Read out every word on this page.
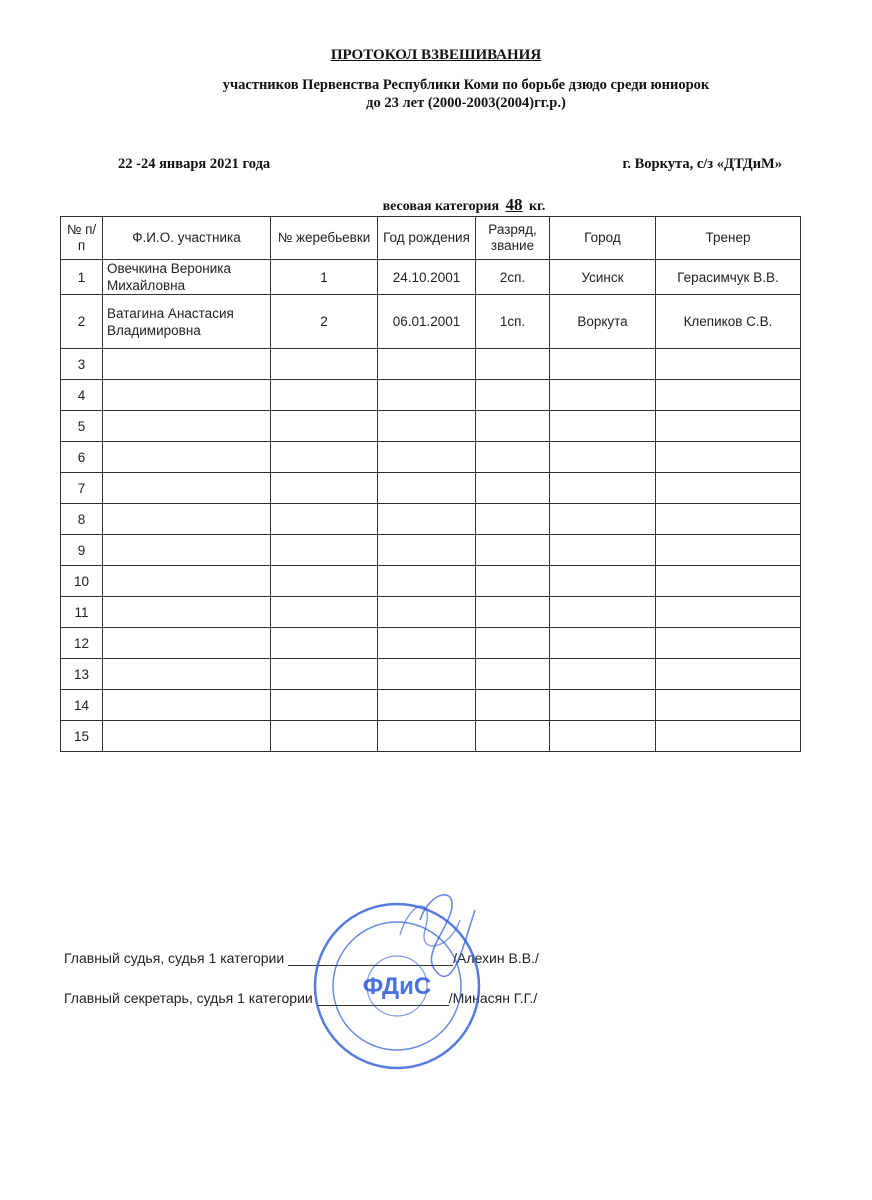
ПРОТОКОЛ ВЗВЕШИВАНИЯ
участников Первенства Республики Коми по борьбе дзюдо среди юниорок
до 23 лет (2000-2003(2004)гг.р.)
22 -24 января 2021 года	г. Воркута, с/з «ДТДиМ»
весовая категория 48 кг.
№ п/п	Ф.И.О. участника	№ жеребьевки	Год рождения	Разряд, звание	Город	Тренер
1	Овечкина Вероника Михайловна	1	24.10.2001	2сп.	Усинск	Герасимчук В.В.
2	Ватагина Анастасия Владимировна	2	06.01.2001	1сп.	Воркута	Клепиков С.В.
3						
4						
5						
6						
7						
8						
9						
10						
11						
12						
13						
14						
15						
Главный судья, судья 1 категории	/Алехин В.В./
Главный секретарь, судья 1 категории	/Минасян Г.Г./
ФДиС
